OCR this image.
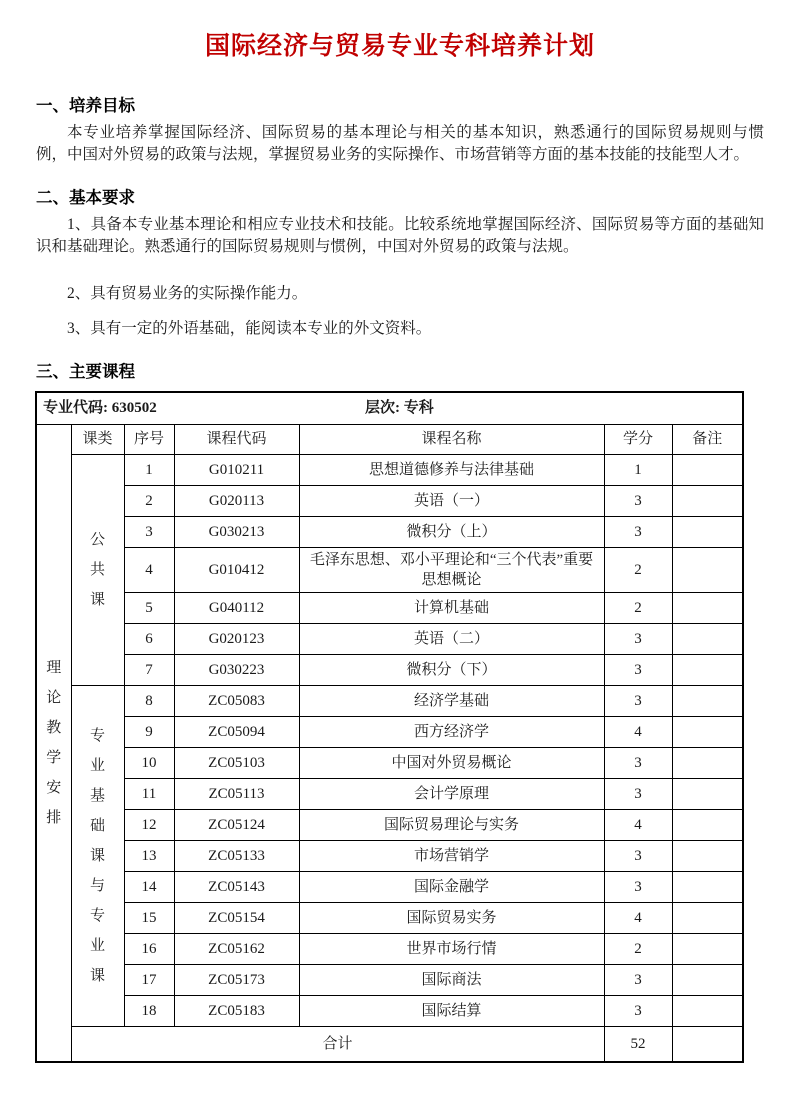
国际经济与贸易专业专科培养计划
一、培养目标

本专业培养掌握国际经济、国际贸易的基本理论与相关的基本知识，熟悉通行的国际贸易规则与惯例，中国对外贸易的政策与法规，掌握贸易业务的实际操作、市场营销等方面的基本技能的技能型人才。

二、基本要求

1、具备本专业基本理论和相应专业技术和技能。比较系统地掌握国际经济、国际贸易等方面的基础知识和基础理论。熟悉通行的国际贸易规则与惯例，中国对外贸易的政策与法规。

2、具有贸易业务的实际操作能力。

3、具有一定的外语基础，能阅读本专业的外文资料。

三、主要课程
专业代码: 630502 层次: 专科						

理论教学安排	课类	序号	课程代码	课程名称	学分	备注

	公共课	1	G010211	思想道德修养与法律基础	1	
		2	G020113	英语（一）	3	
		3	G030213	微积分（上）	3	
		4	G010412	毛泽东思想、邓小平理论和“三个代表”重要思想概论	2	
		5	G040112	计算机基础	2	
		6	G020123	英语（二）	3	
		7	G030223	微积分（下）	3	

	专业基础课与专业课	8	ZC05083	经济学基础	3	
		9	ZC05094	西方经济学	4	
		10	ZC05103	中国对外贸易概论	3	
		11	ZC05113	会计学原理	3	
		12	ZC05124	国际贸易理论与实务	4	
		13	ZC05133	市场营销学	3	
		14	ZC05143	国际金融学	3	
		15	ZC05154	国际贸易实务	4	
		16	ZC05162	世界市场行情	2	
		17	ZC05173	国际商法	3	
		18	ZC05183	国际结算	3	
	合计				52	
